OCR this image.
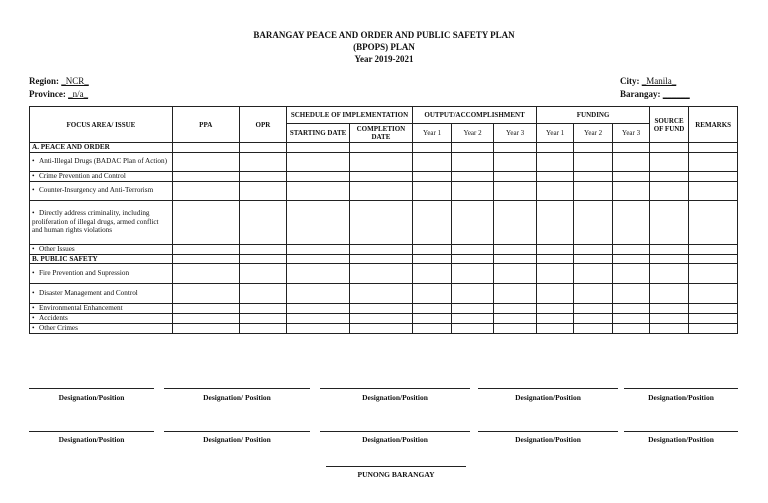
BARANGAY PEACE AND ORDER AND PUBLIC SAFETY PLAN
(BPOPS) PLAN
Year 2019-2021
Region: _NCR_
Province: _n/a_
City: _Manila_
Barangay: ______
FOCUS AREA/ ISSUE	PPA	OPR	SCHEDULE OF IMPLEMENTATION		OUTPUT/ACCOMPLISHMENT			FUNDING			SOURCE OF FUND	REMARKS
			STARTING DATE	COMPLETION DATE	Year 1	Year 2	Year 3	Year 1	Year 2	Year 3		
A. PEACE AND ORDER												
• Anti-Illegal Drugs (BADAC Plan of Action)												
• Crime Prevention and Control												
• Counter-Insurgency and Anti-Terrorism												
• Directly address criminality, including proliferation of illegal drugs, armed conflict and human rights violations												
• Other Issues												
B. PUBLIC SAFETY												
• Fire Prevention and Supression												
• Disaster Management and Control												
• Environmental Enhancement												
• Accidents												
• Other Crimes												
Designation/Position	Designation/ Position	Designation/Position	Designation/Position	Designation/Position
Designation/Position	Designation/ Position	Designation/Position	Designation/Position	Designation/Position
PUNONG BARANGAY
